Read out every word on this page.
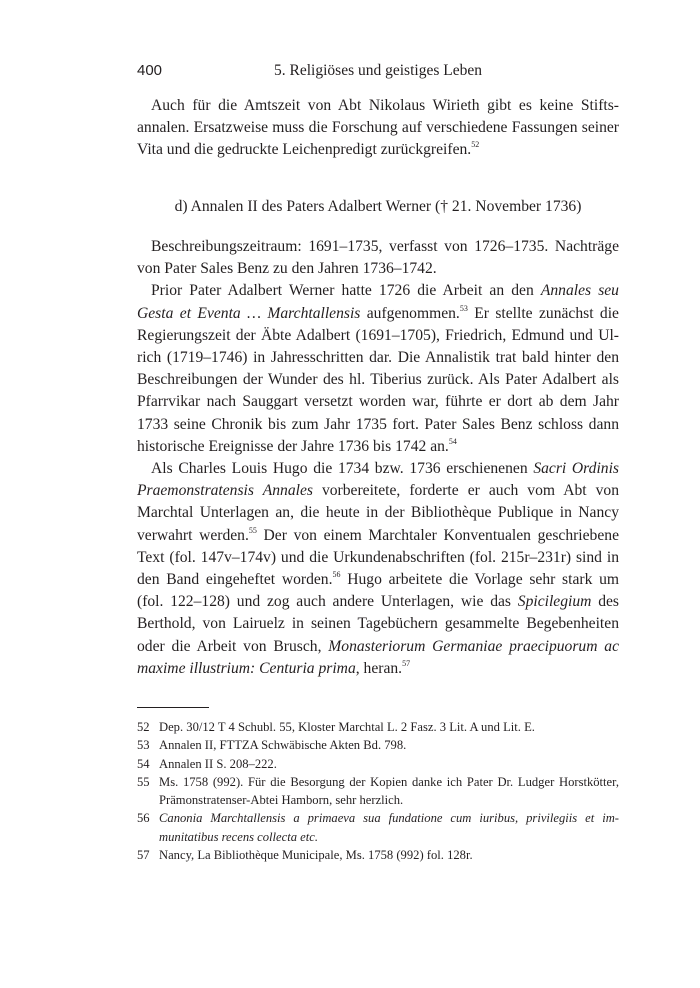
400	5. Religiöses und geistiges Leben

Auch für die Amtszeit von Abt Nikolaus Wirieth gibt es keine Stiftsannalen. Ersatzweise muss die Forschung auf verschiedene Fassungen seiner Vita und die gedruckte Leichenpredigt zurückgreifen.$^{52}$

d) Annalen II des Paters Adalbert Werner († 21. November 1736)

Beschreibungszeitraum: 1691–1735, verfasst von 1726–1735. Nachträge von Pater Sales Benz zu den Jahren 1736–1742.

Prior Pater Adalbert Werner hatte 1726 die Arbeit an den Annales seu Gesta et Eventa … Marchtallensis aufgenommen.$^{53}$ Er stellte zunächst die Regierungszeit der Äbte Adalbert (1691–1705), Friedrich, Edmund und Ulrich (1719–1746) in Jahresschritten dar. Die Annalistik trat bald hinter den Beschreibungen der Wunder des hl. Tiberius zurück. Als Pater Adalbert als Pfarrvikar nach Sauggart versetzt worden war, führte er dort ab dem Jahr 1733 seine Chronik bis zum Jahr 1735 fort. Pater Sales Benz schloss dann historische Ereignisse der Jahre 1736 bis 1742 an.$^{54}$

Als Charles Louis Hugo die 1734 bzw. 1736 erschienenen Sacri Ordinis Praemonstratensis Annales vorbereitete, forderte er auch vom Abt von Marchtal Unterlagen an, die heute in der Bibliothèque Publique in Nancy verwahrt werden.$^{55}$ Der von einem Marchtaler Konventualen geschriebene Text (fol. 147v–174v) und die Urkundenabschriften (fol. 215r–231r) sind in den Band eingeheftet worden.$^{56}$ Hugo arbeitete die Vorlage sehr stark um (fol. 122–128) und zog auch andere Unterlagen, wie das Spicilegium des Berthold, von Lairuelz in seinen Tagebüchern gesammelte Begebenheiten oder die Arbeit von Brusch, Monasteriorum Germaniae praecipuorum ac maxime illustrium: Centuria prima, heran.$^{57}$

52 Dep. 30/12 T 4 Schubl. 55, Kloster Marchtal L. 2 Fasz. 3 Lit. A und Lit. E.
53 Annalen II, FTTZA Schwäbische Akten Bd. 798.
54 Annalen II S. 208–222.
55 Ms. 1758 (992). Für die Besorgung der Kopien danke ich Pater Dr. Ludger Horstkötter, Prämonstratenser-Abtei Hamborn, sehr herzlich.
56 Canonia Marchtallensis a primaeva sua fundatione cum iuribus, privilegiis et immunitatibus recens collecta etc.
57 Nancy, La Bibliothèque Municipale, Ms. 1758 (992) fol. 128r.
